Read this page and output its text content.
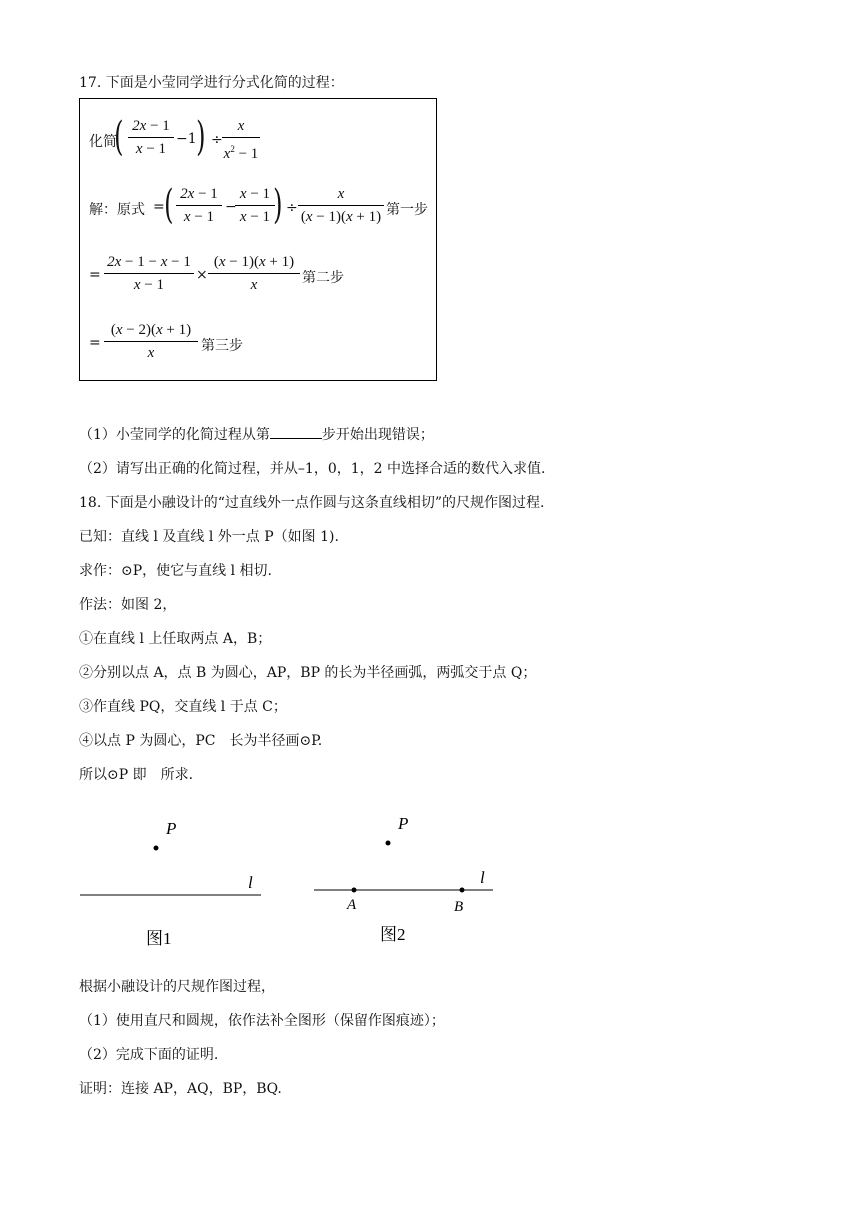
17. 下面是小莹同学进行分式化简的过程：
化简
( 2x − 1
x − 1
−1 ) ÷
x
$x^2 - 1$
解：原式 = ( 2x − 1
x − 1
−
x − 1
x − 1 ) ÷
x
(x − 1)(x + 1) 第一步
=
2x − 1 − x − 1
x − 1
×
(x − 1)(x + 1)
x	第二步
=
(x − 2)(x + 1)
x	第三步
（1）小莹同学的化简过程从第	步开始出现错误；
（2）请写出正确的化简过程，并从–1，0，1，2 中选择合适的数代入求值.
18. 下面是小融设计的“过直线外一点作圆与这条直线相切”的尺规作图过程.
已知：直线 l 及直线 l 外一点 P（如图 1).
求作：⊙P，使它与直线 l 相切.
作法：如图 2，
①在直线 l 上任取两点 A，B；
②分别以点 A，点 B 为圆心，AP，BP 的长为半径画弧，两弧交于点 Q；
③作直线 PQ，交直线 l 于点 C；
④以点 P 为圆心，PC　长为半径画⊙P.
所以⊙P 即　所求.
P
l
图1
P
l
A	B
图2
根据小融设计的尺规作图过程，
（1）使用直尺和圆规，依作法补全图形（保留作图痕迹）；
（2）完成下面的证明.
证明：连接 AP，AQ，BP，BQ.
